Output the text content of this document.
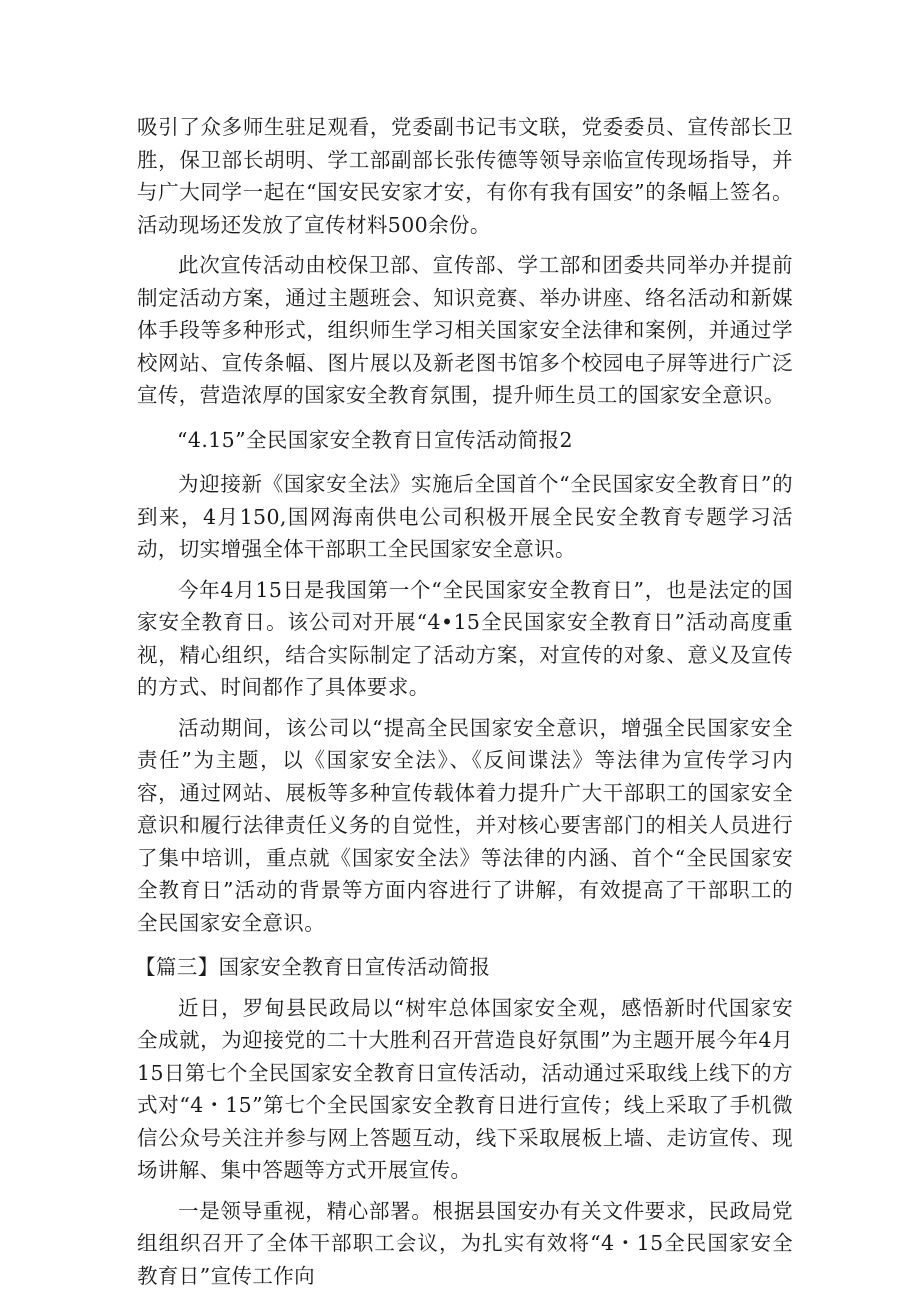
吸引了众多师生驻足观看，党委副书记韦文联，党委委员、宣传部长卫胜，保卫部长胡明、学工部副部长张传德等领导亲临宣传现场指导，并与广大同学一起在“国安民安家才安，有你有我有国安”的条幅上签名。活动现场还发放了宣传材料500余份。

此次宣传活动由校保卫部、宣传部、学工部和团委共同举办并提前制定活动方案，通过主题班会、知识竞赛、举办讲座、络名活动和新媒体手段等多种形式，组织师生学习相关国家安全法律和案例，并通过学校网站、宣传条幅、图片展以及新老图书馆多个校园电子屏等进行广泛宣传，营造浓厚的国家安全教育氛围，提升师生员工的国家安全意识。

“4.15”全民国家安全教育日宣传活动简报2

为迎接新《国家安全法》实施后全国首个“全民国家安全教育日”的到来，4月150,国网海南供电公司积极开展全民安全教育专题学习活动，切实增强全体干部职工全民国家安全意识。

今年4月15日是我国第一个“全民国家安全教育日”，也是法定的国家安全教育日。该公司对开展“4•15全民国家安全教育日”活动高度重视，精心组织，结合实际制定了活动方案，对宣传的对象、意义及宣传的方式、时间都作了具体要求。

活动期间，该公司以“提高全民国家安全意识，增强全民国家安全责任”为主题，以《国家安全法》、《反间谍法》等法律为宣传学习内容，通过网站、展板等多种宣传载体着力提升广大干部职工的国家安全意识和履行法律责任义务的自觉性，并对核心要害部门的相关人员进行了集中培训，重点就《国家安全法》等法律的内涵、首个“全民国家安全教育日”活动的背景等方面内容进行了讲解，有效提高了干部职工的全民国家安全意识。

【篇三】国家安全教育日宣传活动简报

近日，罗甸县民政局以“树牢总体国家安全观，感悟新时代国家安全成就，为迎接党的二十大胜利召开营造良好氛围”为主题开展今年4月15日第七个全民国家安全教育日宣传活动，活动通过采取线上线下的方式对“4・15”第七个全民国家安全教育日进行宣传；线上采取了手机微信公众号关注并参与网上答题互动，线下采取展板上墙、走访宣传、现场讲解、集中答题等方式开展宣传。

一是领导重视，精心部署。根据县国安办有关文件要求，民政局党组组织召开了全体干部职工会议，为扎实有效将“4・15全民国家安全教育日”宣传工作向
